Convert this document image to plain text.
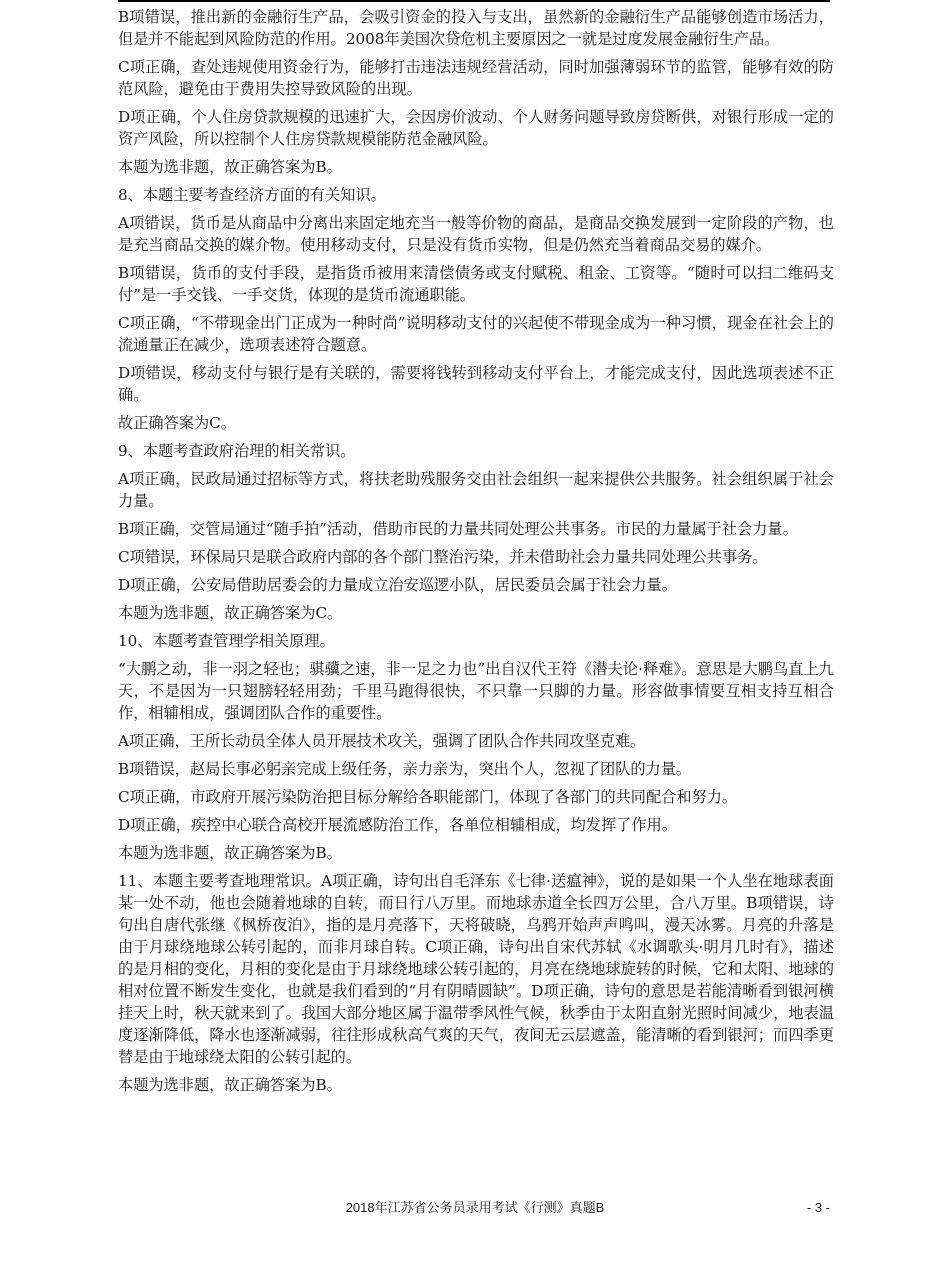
B项错误，推出新的金融衍生产品，会吸引资金的投入与支出，虽然新的金融衍生产品能够创造市场活力，但是并不能起到风险防范的作用。2008年美国次贷危机主要原因之一就是过度发展金融衍生产品。

C项正确，查处违规使用资金行为，能够打击违法违规经营活动，同时加强薄弱环节的监管，能够有效的防范风险，避免由于费用失控导致风险的出现。

D项正确，个人住房贷款规模的迅速扩大，会因房价波动、个人财务问题导致房贷断供，对银行形成一定的资产风险，所以控制个人住房贷款规模能防范金融风险。

本题为选非题，故正确答案为B。

8、本题主要考查经济方面的有关知识。

A项错误，货币是从商品中分离出来固定地充当一般等价物的商品，是商品交换发展到一定阶段的产物，也是充当商品交换的媒介物。使用移动支付，只是没有货币实物，但是仍然充当着商品交易的媒介。

B项错误，货币的支付手段，是指货币被用来清偿债务或支付赋税、租金、工资等。“随时可以扫二维码支付”是一手交钱、一手交货，体现的是货币流通职能。

C项正确，“不带现金出门正成为一种时尚”说明移动支付的兴起使不带现金成为一种习惯，现金在社会上的流通量正在减少，选项表述符合题意。

D项错误，移动支付与银行是有关联的，需要将钱转到移动支付平台上，才能完成支付，因此选项表述不正确。

故正确答案为C。

9、本题考查政府治理的相关常识。

A项正确，民政局通过招标等方式，将扶老助残服务交由社会组织一起来提供公共服务。社会组织属于社会力量。

B项正确，交管局通过“随手拍”活动，借助市民的力量共同处理公共事务。市民的力量属于社会力量。

C项错误，环保局只是联合政府内部的各个部门整治污染，并未借助社会力量共同处理公共事务。

D项正确，公安局借助居委会的力量成立治安巡逻小队，居民委员会属于社会力量。

本题为选非题，故正确答案为C。

10、本题考查管理学相关原理。

“大鹏之动，非一羽之轻也；骐骥之速，非一足之力也”出自汉代王符《潜夫论·释难》。意思是大鹏鸟直上九天，不是因为一只翅膀轻轻用劲；千里马跑得很快，不只靠一只脚的力量。形容做事情要互相支持互相合作，相辅相成，强调团队合作的重要性。

A项正确，王所长动员全体人员开展技术攻关，强调了团队合作共同攻坚克难。

B项错误，赵局长事必躬亲完成上级任务，亲力亲为，突出个人，忽视了团队的力量。

C项正确，市政府开展污染防治把目标分解给各职能部门，体现了各部门的共同配合和努力。

D项正确，疾控中心联合高校开展流感防治工作，各单位相辅相成，均发挥了作用。

本题为选非题，故正确答案为B。

11、本题主要考查地理常识。A项正确，诗句出自毛泽东《七律·送瘟神》，说的是如果一个人坐在地球表面某一处不动，他也会随着地球的自转，而日行八万里。而地球赤道全长四万公里，合八万里。B项错误，诗句出自唐代张继《枫桥夜泊》，指的是月亮落下，天将破晓，乌鸦开始声声鸣叫，漫天冰雾。月亮的升落是由于月球绕地球公转引起的，而非月球自转。C项正确，诗句出自宋代苏轼《水调歌头·明月几时有》，描述的是月相的变化，月相的变化是由于月球绕地球公转引起的，月亮在绕地球旋转的时候，它和太阳、地球的相对位置不断发生变化，也就是我们看到的“月有阴晴圆缺”。D项正确，诗句的意思是若能清晰看到银河横挂天上时，秋天就来到了。我国大部分地区属于温带季风性气候，秋季由于太阳直射光照时间减少，地表温度逐渐降低，降水也逐渐减弱，往往形成秋高气爽的天气，夜间无云层遮盖，能清晰的看到银河；而四季更替是由于地球绕太阳的公转引起的。

本题为选非题，故正确答案为B。

2018年江苏省公务员录用考试《行测》真题B	- 3 -
